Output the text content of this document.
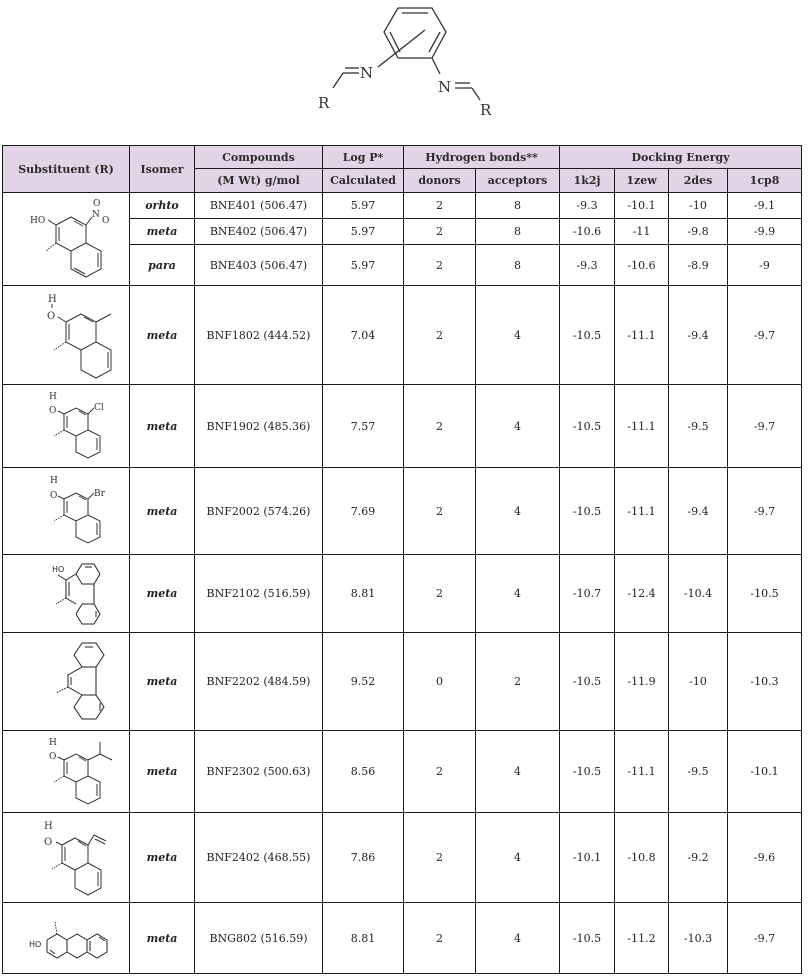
N
N
R	R
Substituent (R)	Isomer	Compounds	Log P*	Hydrogen bonds**		Docking Energy			
		(M Wt) g/mol	Calculated	donors	acceptors	1k2j	1zew	2des	1cp8

HO
N
O
O	orhto	BNE401 (506.47)	5.97	2	8	-9.3	-10.1	-10	-9.1
	meta	BNE402 (506.47)	5.97	2	8	-10.6	-11	-9.8	-9.9
	para	BNE403 (506.47)	5.97	2	8	-9.3	-10.6	-8.9	-9

H
O	meta	BNF1802 (444.52)	7.04	2	4	-10.5	-11.1	-9.4	-9.7

H
O Cl	meta	BNF1902 (485.36)	7.57	2	4	-10.5	-11.1	-9.5	-9.7

H
O Br	meta	BNF2002 (574.26)	7.69	2	4	-10.5	-11.1	-9.4	-9.7

HO	meta	BNF2102 (516.59)	8.81	2	4	-10.7	-12.4	-10.4	-10.5

	meta	BNF2202 (484.59)	9.52	0	2	-10.5	-11.9	-10	-10.3

H
O	meta	BNF2302 (500.63)	8.56	2	4	-10.5	-11.1	-9.5	-10.1

H
O	meta	BNF2402 (468.55)	7.86	2	4	-10.1	-10.8	-9.2	-9.6

HO	meta	BNG802 (516.59)	8.81	2	4	-10.5	-11.2	-10.3	-9.7
